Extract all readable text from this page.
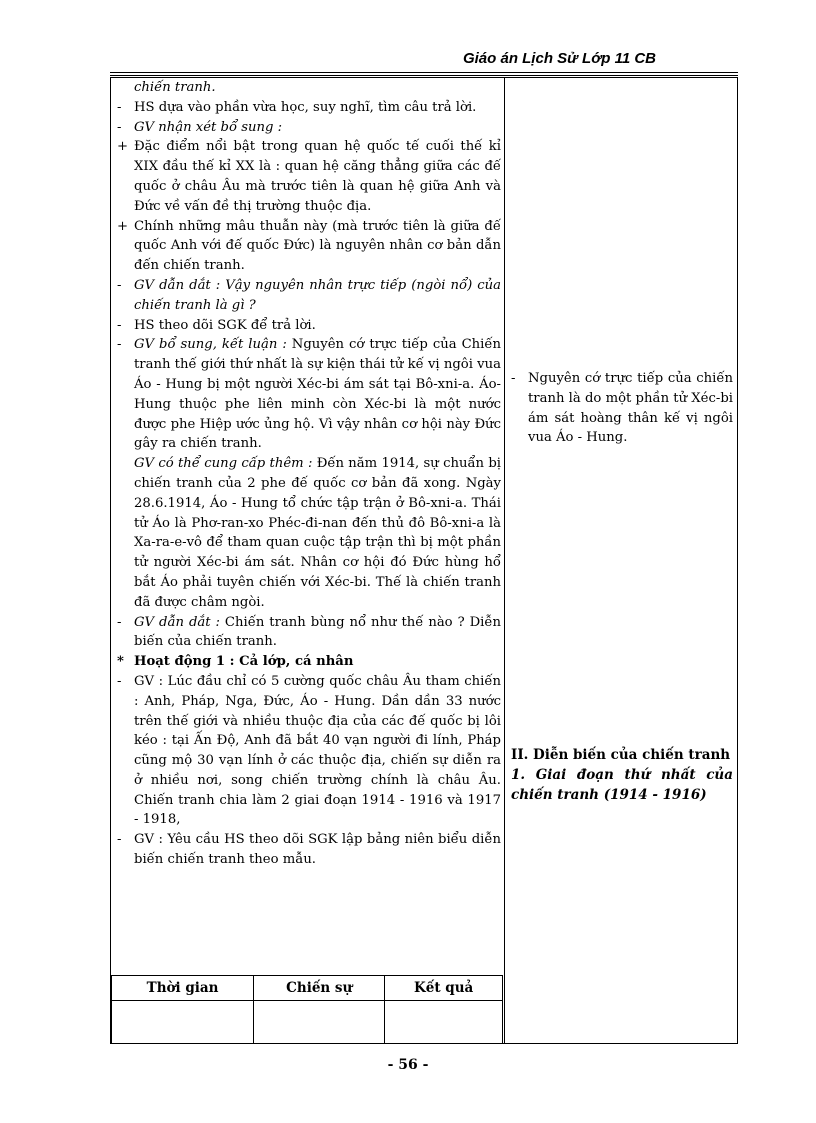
Giáo án Lịch Sử Lớp 11 CB
chiến tranh.
- HS dựa vào phần vừa học, suy nghĩ, tìm câu trả lời.
- GV nhận xét bổ sung :
+ Đặc điểm nổi bật trong quan hệ quốc tế cuối thế kỉ XIX đầu thế kỉ XX là : quan hệ căng thẳng giữa các đế quốc ở châu Âu mà trước tiên là quan hệ giữa Anh và Đức về vấn đề thị trường thuộc địa.
+ Chính những mâu thuẫn này (mà trước tiên là giữa đế quốc Anh với đế quốc Đức) là nguyên nhân cơ bản dẫn đến chiến tranh.
- GV dẫn dắt : Vậy nguyên nhân trực tiếp (ngòi nổ) của chiến tranh là gì ?
- HS theo dõi SGK để trả lời.
- GV bổ sung, kết luận : Nguyên cớ trực tiếp của Chiến tranh thế giới thứ nhất là sự kiện thái tử kế vị ngôi vua Áo - Hung bị một người Xéc-bi ám sát tại Bô-xni-a. Áo-Hung thuộc phe liên minh còn Xéc-bi là một nước được phe Hiệp ước ủng hộ. Vì vậy nhân cơ hội này Đức gây ra chiến tranh.
GV có thể cung cấp thêm : Đến năm 1914, sự chuẩn bị chiến tranh của 2 phe đế quốc cơ bản đã xong. Ngày 28.6.1914, Áo - Hung tổ chức tập trận ở Bô-xni-a. Thái tử Áo là Phơ-ran-xo Phéc-đi-nan đến thủ đô Bô-xni-a là Xa-ra-e-vô để tham quan cuộc tập trận thì bị một phần tử người Xéc-bi ám sát. Nhân cơ hội đó Đức hùng hổ bắt Áo phải tuyên chiến với Xéc-bi. Thế là chiến tranh đã được châm ngòi.
- GV dẫn dắt : Chiến tranh bùng nổ như thế nào ? Diễn biến của chiến tranh.
* Hoạt động 1 : Cả lớp, cá nhân
- GV : Lúc đầu chỉ có 5 cường quốc châu Âu tham chiến : Anh, Pháp, Nga, Đức, Áo - Hung. Dần dần 33 nước trên thế giới và nhiều thuộc địa của các đế quốc bị lôi kéo : tại Ấn Độ, Anh đã bắt 40 vạn người đi lính, Pháp cũng mộ 30 vạn lính ở các thuộc địa, chiến sự diễn ra ở nhiều nơi, song chiến trường chính là châu Âu. Chiến tranh chia làm 2 giai đoạn 1914 - 1916 và 1917 - 1918,
- GV : Yêu cầu HS theo dõi SGK lập bảng niên biểu diễn biến chiến tranh theo mẫu.
Thời gian	Chiến sự	Kết quả

- Nguyên cớ trực tiếp của chiến tranh là do một phần tử Xéc-bi ám sát hoàng thân kế vị ngôi vua Áo - Hung.
II. Diễn biến của chiến tranh
1. Giai đoạn thứ nhất của chiến tranh (1914 - 1916)
- 56 -
